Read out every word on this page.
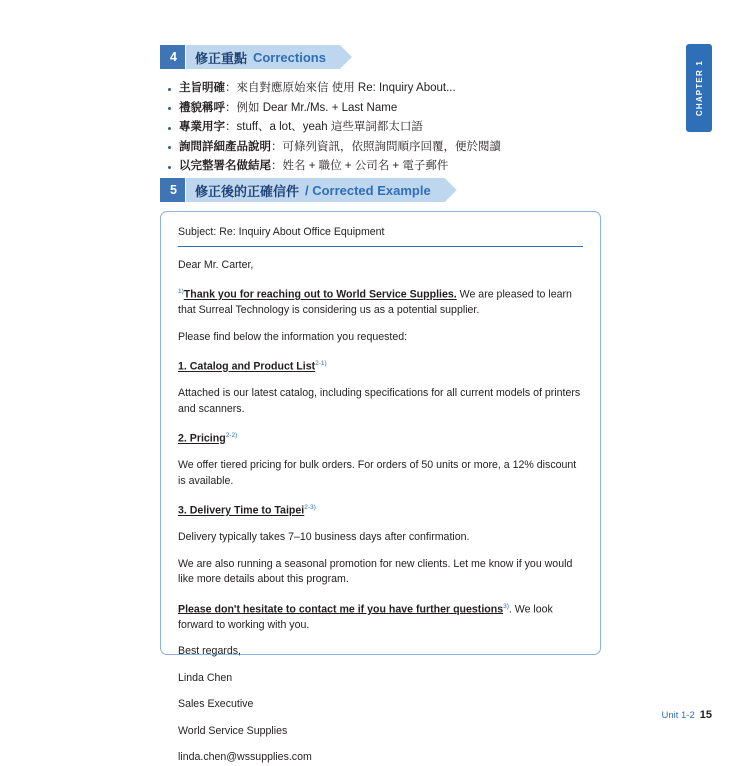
CHAPTER 1
4	修正重點 Corrections
主旨明確：來自對應原始來信 使用 Re: Inquiry About...
禮貌稱呼：例如 Dear Mr./Ms. + Last Name
專業用字：stuff、a lot、yeah 這些單詞都太口語
詢問詳細產品說明：可條列資訊，依照詢問順序回覆，便於閱讀
以完整署名做結尾：姓名 + 職位 + 公司名 + 電子郵件
5	修正後的正確信件 / Corrected Example

Subject: Re: Inquiry About Office Equipment

Dear Mr. Carter,

$^{1)}$Thank you for reaching out to World Service Supplies. We are pleased to learn that Surreal Technology is considering us as a potential supplier.

Please find below the information you requested:

1. Catalog and Product List$^{2-1)}$

Attached is our latest catalog, including specifications for all current models of printers and scanners.

2. Pricing$^{2-2)}$

We offer tiered pricing for bulk orders. For orders of 50 units or more, a 12% discount is available.

3. Delivery Time to Taipei$^{2-3)}$

Delivery typically takes 7–10 business days after confirmation.

We are also running a seasonal promotion for new clients. Let me know if you would like more details about this program.

Please don't hesitate to contact me if you have further questions$^{3)}$. We look forward to working with you.

Best regards,

Linda Chen

Sales Executive

World Service Supplies

linda.chen@wssupplies.com

Unit 1-2 15
